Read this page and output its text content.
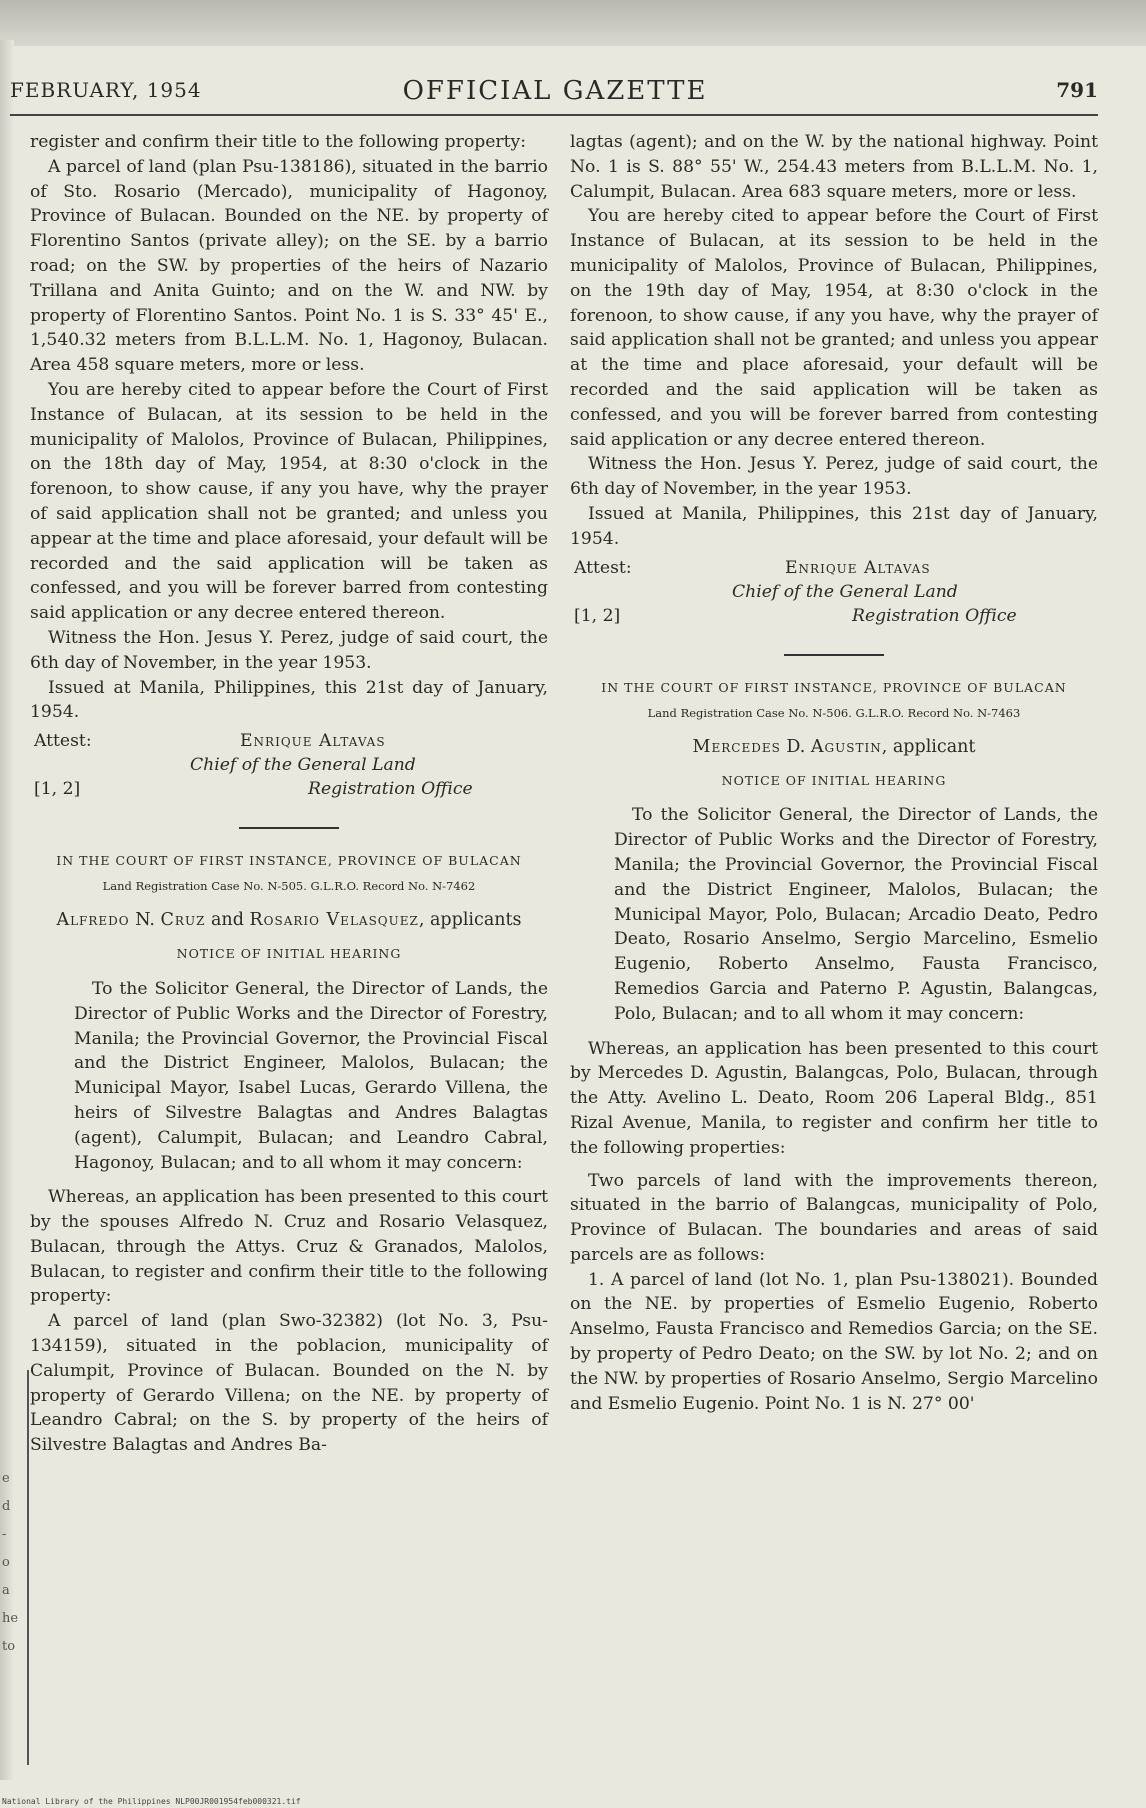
e
d
-
o
a
he
to
FEBRUARY, 1954	OFFICIAL GAZETTE	791

register and confirm their title to the following property:

A parcel of land (plan Psu-138186), situated in the barrio of Sto. Rosario (Mercado), municipality of Hagonoy, Province of Bulacan. Bounded on the NE. by property of Florentino Santos (private alley); on the SE. by a barrio road; on the SW. by properties of the heirs of Nazario Trillana and Anita Guinto; and on the W. and NW. by property of Florentino Santos. Point No. 1 is S. 33° 45' E., 1,540.32 meters from B.L.L.M. No. 1, Hagonoy, Bulacan. Area 458 square meters, more or less.

You are hereby cited to appear before the Court of First Instance of Bulacan, at its session to be held in the municipality of Malolos, Province of Bulacan, Philippines, on the 18th day of May, 1954, at 8:30 o'clock in the forenoon, to show cause, if any you have, why the prayer of said application shall not be granted; and unless you appear at the time and place aforesaid, your default will be recorded and the said application will be taken as confessed, and you will be forever barred from contesting said application or any decree entered thereon.

Witness the Hon. Jesus Y. Perez, judge of said court, the 6th day of November, in the year 1953.

Issued at Manila, Philippines, this 21st day of January, 1954.

Attest:	Enrique Altavas
Chief of the General Land
[1, 2]	Registration Office
IN THE COURT OF FIRST INSTANCE, PROVINCE OF BULACAN
Land Registration Case No. N-505. G.L.R.O. Record No. N-7462
Alfredo N. Cruz and Rosario Velasquez, applicants
NOTICE OF INITIAL HEARING

To the Solicitor General, the Director of Lands, the Director of Public Works and the Director of Forestry, Manila; the Provincial Governor, the Provincial Fiscal and the District Engineer, Malolos, Bulacan; the Municipal Mayor, Isabel Lucas, Gerardo Villena, the heirs of Silvestre Balagtas and Andres Balagtas (agent), Calumpit, Bulacan; and Leandro Cabral, Hagonoy, Bulacan; and to all whom it may concern:

Whereas, an application has been presented to this court by the spouses Alfredo N. Cruz and Rosario Velasquez, Bulacan, through the Attys. Cruz & Granados, Malolos, Bulacan, to register and confirm their title to the following property:

A parcel of land (plan Swo-32382) (lot No. 3, Psu-134159), situated in the poblacion, municipality of Calumpit, Province of Bulacan. Bounded on the N. by property of Gerardo Villena; on the NE. by property of Leandro Cabral; on the S. by property of the heirs of Silvestre Balagtas and Andres Ba-

lagtas (agent); and on the W. by the national highway. Point No. 1 is S. 88° 55' W., 254.43 meters from B.L.L.M. No. 1, Calumpit, Bulacan. Area 683 square meters, more or less.

You are hereby cited to appear before the Court of First Instance of Bulacan, at its session to be held in the municipality of Malolos, Province of Bulacan, Philippines, on the 19th day of May, 1954, at 8:30 o'clock in the forenoon, to show cause, if any you have, why the prayer of said application shall not be granted; and unless you appear at the time and place aforesaid, your default will be recorded and the said application will be taken as confessed, and you will be forever barred from contesting said application or any decree entered thereon.

Witness the Hon. Jesus Y. Perez, judge of said court, the 6th day of November, in the year 1953.

Issued at Manila, Philippines, this 21st day of January, 1954.

Attest:	Enrique Altavas
Chief of the General Land
[1, 2]	Registration Office
IN THE COURT OF FIRST INSTANCE, PROVINCE OF BULACAN
Land Registration Case No. N-506. G.L.R.O. Record No. N-7463
Mercedes D. Agustin, applicant
NOTICE OF INITIAL HEARING

To the Solicitor General, the Director of Lands, the Director of Public Works and the Director of Forestry, Manila; the Provincial Governor, the Provincial Fiscal and the District Engineer, Malolos, Bulacan; the Municipal Mayor, Polo, Bulacan; Arcadio Deato, Pedro Deato, Rosario Anselmo, Sergio Marcelino, Esmelio Eugenio, Roberto Anselmo, Fausta Francisco, Remedios Garcia and Paterno P. Agustin, Balangcas, Polo, Bulacan; and to all whom it may concern:

Whereas, an application has been presented to this court by Mercedes D. Agustin, Balangcas, Polo, Bulacan, through the Atty. Avelino L. Deato, Room 206 Laperal Bldg., 851 Rizal Avenue, Manila, to register and confirm her title to the following properties:

Two parcels of land with the improvements thereon, situated in the barrio of Balangcas, municipality of Polo, Province of Bulacan. The boundaries and areas of said parcels are as follows:

1. A parcel of land (lot No. 1, plan Psu-138021). Bounded on the NE. by properties of Esmelio Eugenio, Roberto Anselmo, Fausta Francisco and Remedios Garcia; on the SE. by property of Pedro Deato; on the SW. by lot No. 2; and on the NW. by properties of Rosario Anselmo, Sergio Marcelino and Esmelio Eugenio. Point No. 1 is N. 27° 00'

National Library of the Philippines NLP00JR001954feb000321.tif
